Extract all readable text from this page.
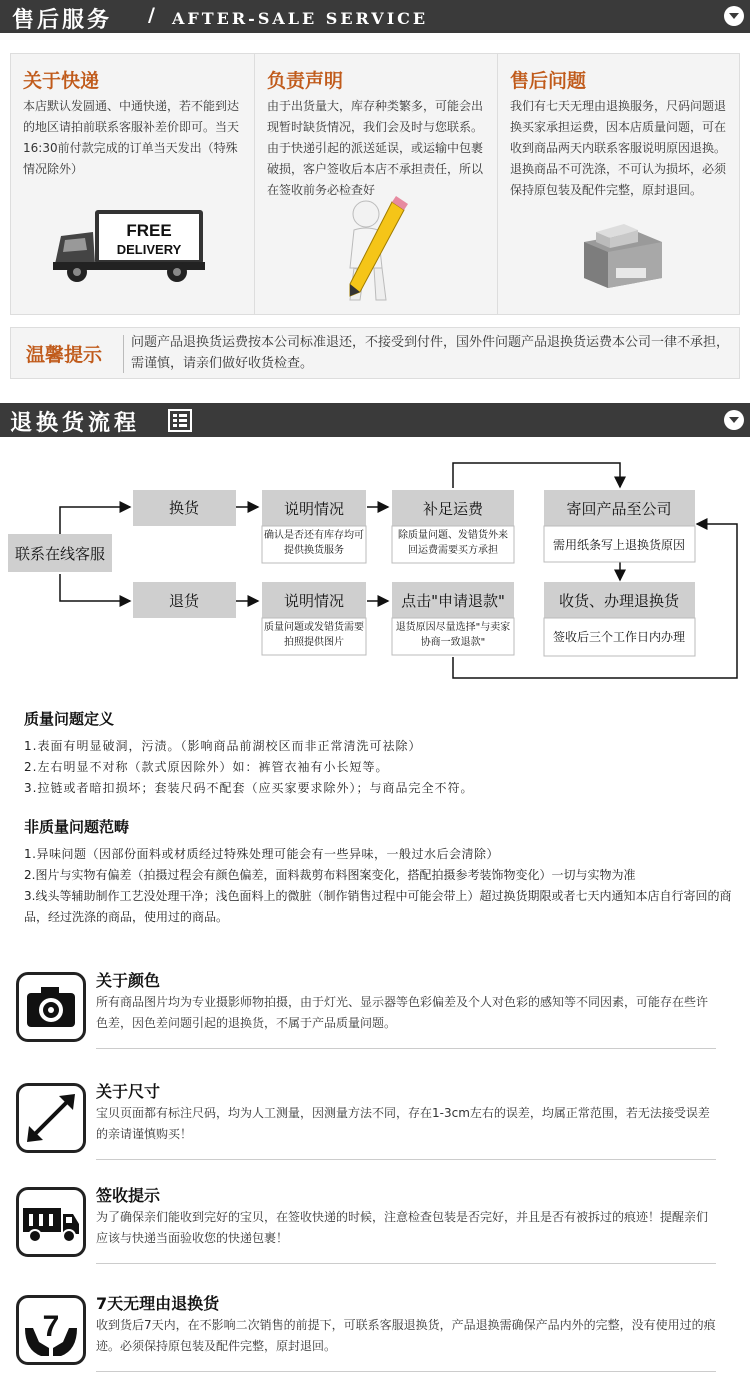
售后服务 / AFTER-SALE SERVICE
关于快递

本店默认发圆通、中通快递，若不能到达的地区请拍前联系客服补差价即可。当天16:30前付款完成的订单当天发出（特殊情况除外）

FREE
DELIVERY
负责声明

由于出货量大，库存种类繁多，可能会出现暂时缺货情况，我们会及时与您联系。由于快递引起的派送延误，或运输中包裹破损，客户签收后本店不承担责任，所以在签收前务必检查好

售后问题

我们有七天无理由退换服务，尺码问题退换买家承担运费，因本店质量问题，可在收到商品两天内联系客服说明原因退换。退换商品不可洗涤，不可认为损坏，必须保持原包装及配件完整，原封退回。

温馨提示
问题产品退换货运费按本公司标准退还，不接受到付件，国外件问题产品退换货运费本公司一律不承担，需谨慎，请亲们做好收货检查。
退换货流程
联系在线客服
换货
退货
说明情况
确认是否还有库存均可提供换货服务
说明情况
质量问题或发错货需要拍照提供图片
补足运费
除质量问题、发错货外来回运费需要买方承担
点击"申请退款"
退货原因尽量选择"与卖家协商一致退款"
寄回产品至公司
需用纸条写上退换货原因
收货、办理退换货
签收后三个工作日内办理
质量问题定义
1.表面有明显破洞，污渍。（影响商品前湖校区而非正常清洗可祛除）
2.左右明显不对称（款式原因除外）如：裤管衣袖有小长短等。
3.拉链或者暗扣损坏；套装尺码不配套（应买家要求除外）；与商品完全不符。
非质量问题范畴
1.异味问题（因部份面料或材质经过特殊处理可能会有一些异味，一般过水后会清除）
2.图片与实物有偏差（拍摄过程会有颜色偏差，面料裁剪布料图案变化，搭配拍摄参考装饰物变化）一切与实物为准
3.线头等辅助制作工艺没处理干净；浅色面料上的微脏（制作销售过程中可能会带上）超过换货期限或者七天内通知本店自行寄回的商品，经过洗涤的商品，使用过的商品。
关于颜色
所有商品图片均为专业摄影师物拍摄，由于灯光、显示器等色彩偏差及个人对色彩的感知等不同因素，可能存在些许色差，因色差问题引起的退换货，不属于产品质量问题。
关于尺寸
宝贝页面都有标注尺码，均为人工测量，因测量方法不同，存在1-3cm左右的误差，均属正常范围，若无法接受误差的亲请谨慎购买！
签收提示
为了确保亲们能收到完好的宝贝，在签收快递的时候，注意检查包装是否完好，并且是否有被拆过的痕迹！提醒亲们应该与快递当面验收您的快递包裹！
7
7天无理由退换货
收到货后7天内，在不影响二次销售的前提下，可联系客服退换货，产品退换需确保产品内外的完整，没有使用过的痕迹。必须保持原包装及配件完整，原封退回。
